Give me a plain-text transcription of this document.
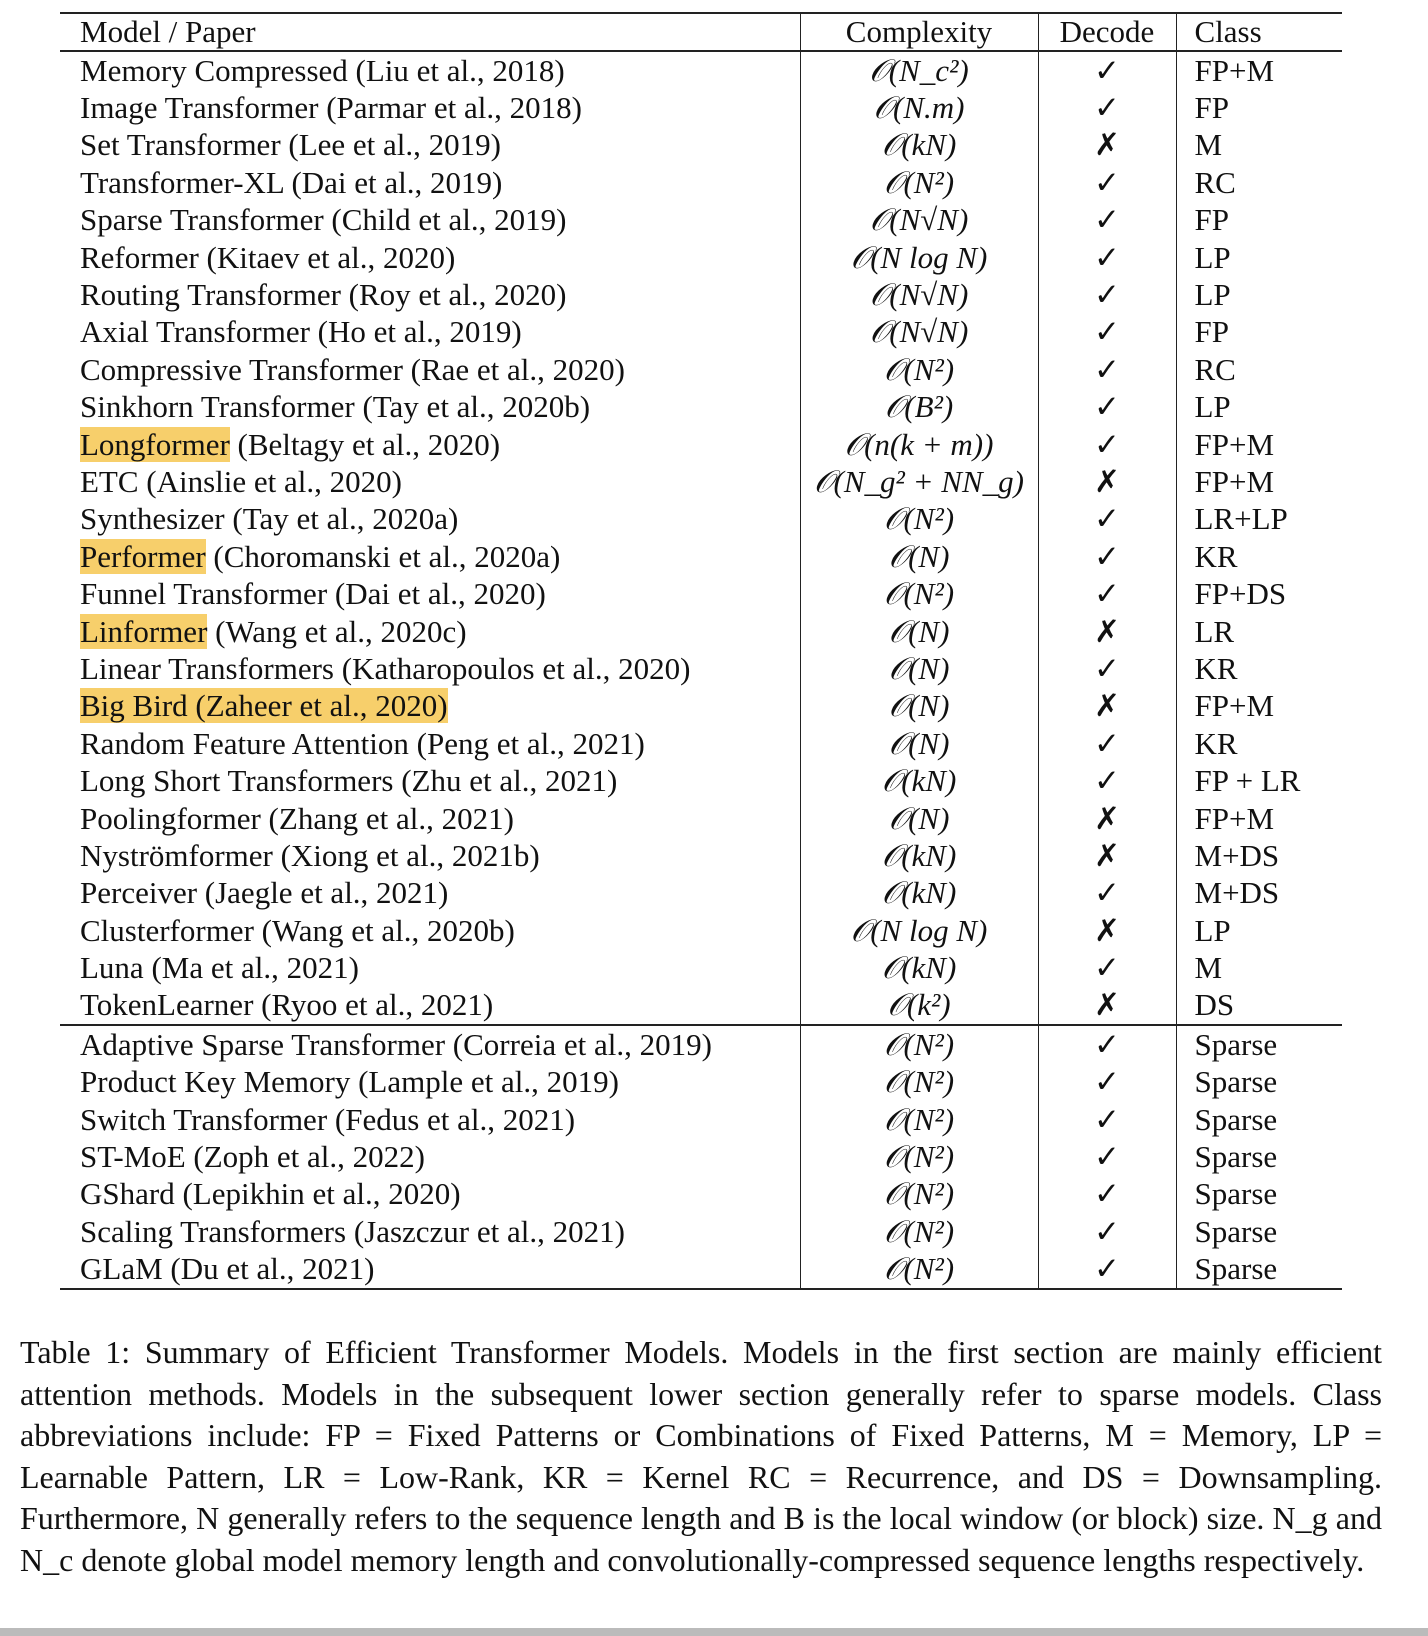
Model / Paper	Complexity	Decode	Class
Memory Compressed (Liu et al., 2018)	𝒪(N_c²)	✓	FP+M
Image Transformer (Parmar et al., 2018)	𝒪(N.m)	✓	FP
Set Transformer (Lee et al., 2019)	𝒪(kN)	✗	M
Transformer-XL (Dai et al., 2019)	𝒪(N²)	✓	RC
Sparse Transformer (Child et al., 2019)	𝒪(N√N)	✓	FP
Reformer (Kitaev et al., 2020)	𝒪(N log N)	✓	LP
Routing Transformer (Roy et al., 2020)	𝒪(N√N)	✓	LP
Axial Transformer (Ho et al., 2019)	𝒪(N√N)	✓	FP
Compressive Transformer (Rae et al., 2020)	𝒪(N²)	✓	RC
Sinkhorn Transformer (Tay et al., 2020b)	𝒪(B²)	✓	LP
Longformer (Beltagy et al., 2020)	𝒪(n(k + m))	✓	FP+M
ETC (Ainslie et al., 2020)	𝒪(N_g² + NN_g)	✗	FP+M
Synthesizer (Tay et al., 2020a)	𝒪(N²)	✓	LR+LP
Performer (Choromanski et al., 2020a)	𝒪(N)	✓	KR
Funnel Transformer (Dai et al., 2020)	𝒪(N²)	✓	FP+DS
Linformer (Wang et al., 2020c)	𝒪(N)	✗	LR
Linear Transformers (Katharopoulos et al., 2020)	𝒪(N)	✓	KR
Big Bird (Zaheer et al., 2020)	𝒪(N)	✗	FP+M
Random Feature Attention (Peng et al., 2021)	𝒪(N)	✓	KR
Long Short Transformers (Zhu et al., 2021)	𝒪(kN)	✓	FP + LR
Poolingformer (Zhang et al., 2021)	𝒪(N)	✗	FP+M
Nyströmformer (Xiong et al., 2021b)	𝒪(kN)	✗	M+DS
Perceiver (Jaegle et al., 2021)	𝒪(kN)	✓	M+DS
Clusterformer (Wang et al., 2020b)	𝒪(N log N)	✗	LP
Luna (Ma et al., 2021)	𝒪(kN)	✓	M
TokenLearner (Ryoo et al., 2021)	𝒪(k²)	✗	DS
Adaptive Sparse Transformer (Correia et al., 2019)	𝒪(N²)	✓	Sparse
Product Key Memory (Lample et al., 2019)	𝒪(N²)	✓	Sparse
Switch Transformer (Fedus et al., 2021)	𝒪(N²)	✓	Sparse
ST-MoE (Zoph et al., 2022)	𝒪(N²)	✓	Sparse
GShard (Lepikhin et al., 2020)	𝒪(N²)	✓	Sparse
Scaling Transformers (Jaszczur et al., 2021)	𝒪(N²)	✓	Sparse
GLaM (Du et al., 2021)	𝒪(N²)	✓	Sparse

Table 1: Summary of Efficient Transformer Models. Models in the first section are mainly efficient attention methods. Models in the subsequent lower section generally refer to sparse models. Class abbreviations include: FP = Fixed Patterns or Combinations of Fixed Patterns, M = Memory, LP = Learnable Pattern, LR = Low-Rank, KR = Kernel RC = Recurrence, and DS = Downsampling. Furthermore, N generally refers to the sequence length and B is the local window (or block) size. N_g and N_c denote global model memory length and convolutionally-compressed sequence lengths respectively.
